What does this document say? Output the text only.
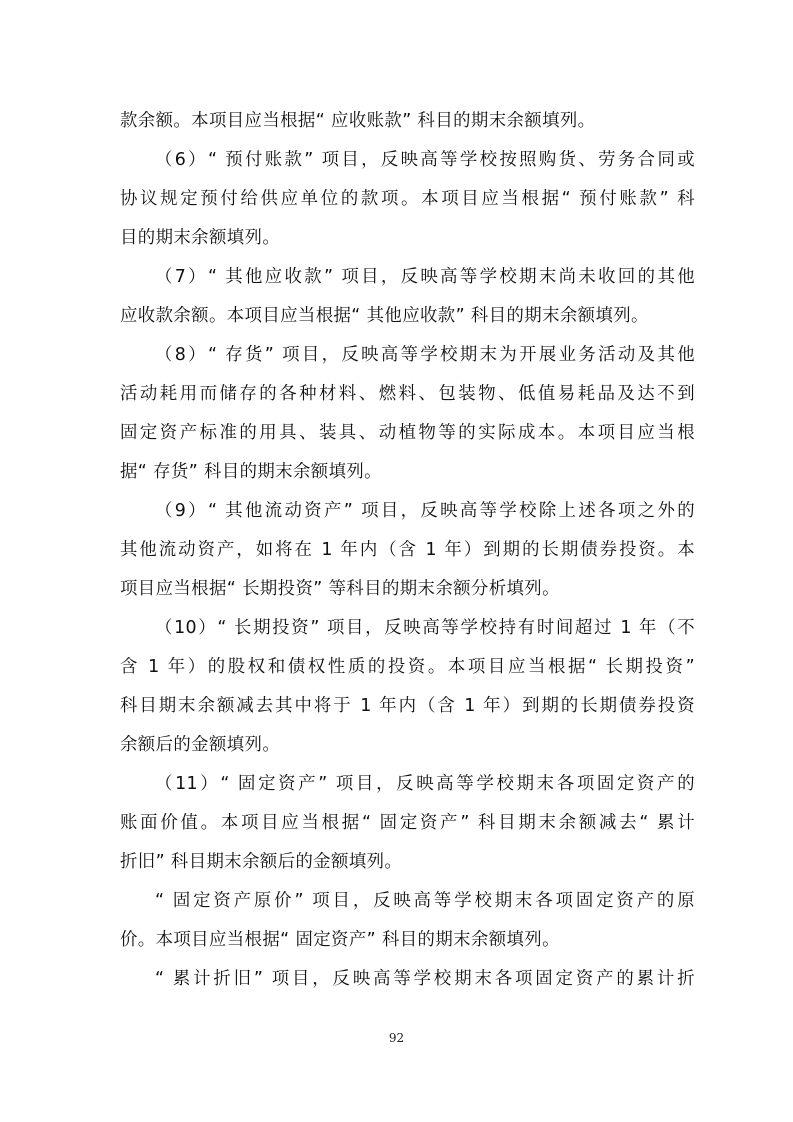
款余额。本项目应当根据“ 应收账款” 科目的期末余额填列。
（6）“ 预付账款” 项目，反映高等学校按照购货、劳务合同或
协议规定预付给供应单位的款项。本项目应当根据“ 预付账款” 科
目的期末余额填列。
（7）“ 其他应收款” 项目，反映高等学校期末尚未收回的其他
应收款余额。本项目应当根据“ 其他应收款” 科目的期末余额填列。
（8）“ 存货” 项目，反映高等学校期末为开展业务活动及其他
活动耗用而储存的各种材料、燃料、包装物、低值易耗品及达不到
固定资产标准的用具、装具、动植物等的实际成本。本项目应当根
据“ 存货” 科目的期末余额填列。
（9）“ 其他流动资产” 项目，反映高等学校除上述各项之外的
其他流动资产，如将在 1 年内（含 1 年）到期的长期债券投资。本
项目应当根据“ 长期投资” 等科目的期末余额分析填列。
（10）“ 长期投资” 项目，反映高等学校持有时间超过 1 年（不
含 1 年）的股权和债权性质的投资。本项目应当根据“ 长期投资”
科目期末余额减去其中将于 1 年内（含 1 年）到期的长期债券投资
余额后的金额填列。
（11）“ 固定资产” 项目，反映高等学校期末各项固定资产的
账面价值。本项目应当根据“ 固定资产” 科目期末余额减去“ 累计
折旧” 科目期末余额后的金额填列。
“ 固定资产原价” 项目，反映高等学校期末各项固定资产的原
价。本项目应当根据“ 固定资产” 科目的期末余额填列。
“ 累计折旧” 项目，反映高等学校期末各项固定资产的累计折
92
